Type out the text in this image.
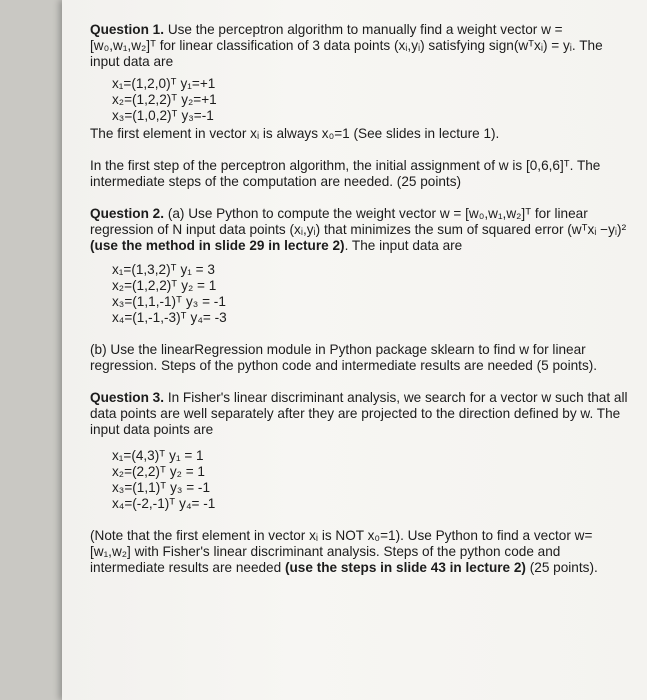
Question 1. Use the perceptron algorithm to manually find a weight vector w = [w₀,w₁,w₂]ᵀ for linear classification of 3 data points (xᵢ,yᵢ) satisfying sign(wᵀxᵢ) = yᵢ. The input data are

x₁=(1,2,0)ᵀ y₁=+1
x₂=(1,2,2)ᵀ y₂=+1
x₃=(1,0,2)ᵀ y₃=-1

The first element in vector xᵢ is always x₀=1 (See slides in lecture 1).

In the first step of the perceptron algorithm, the initial assignment of w is [0,6,6]ᵀ. The intermediate steps of the computation are needed. (25 points)

Question 2. (a) Use Python to compute the weight vector w = [w₀,w₁,w₂]ᵀ for linear regression of N input data points (xᵢ,yᵢ) that minimizes the sum of squared error (wᵀxᵢ −yᵢ)² (use the method in slide 29 in lecture 2). The input data are

x₁=(1,3,2)ᵀ y₁ = 3
x₂=(1,2,2)ᵀ y₂ = 1
x₃=(1,1,-1)ᵀ y₃ = -1
x₄=(1,-1,-3)ᵀ y₄= -3

(b) Use the linearRegression module in Python package sklearn to find w for linear regression. Steps of the python code and intermediate results are needed (5 points).

Question 3. In Fisher's linear discriminant analysis, we search for a vector w such that all data points are well separately after they are projected to the direction defined by w. The input data points are

x₁=(4,3)ᵀ y₁ = 1
x₂=(2,2)ᵀ y₂ = 1
x₃=(1,1)ᵀ y₃ = -1
x₄=(-2,-1)ᵀ y₄= -1

(Note that the first element in vector xᵢ is NOT x₀=1). Use Python to find a vector w=[w₁,w₂] with Fisher's linear discriminant analysis. Steps of the python code and intermediate results are needed (use the steps in slide 43 in lecture 2) (25 points).
